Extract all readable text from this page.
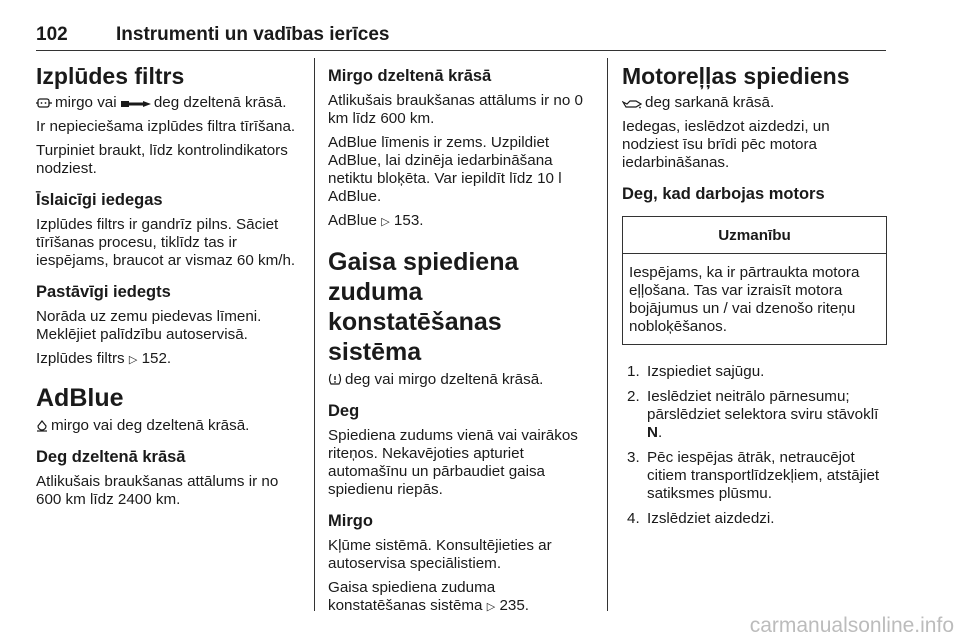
102	Instrumenti un vadības ierīces
Izplūdes filtrs

mirgo vai deg dzeltenā krāsā.

Ir nepieciešama izplūdes filtra tīrīšana.

Turpiniet braukt, līdz kontrolindikators nodziest.

Īslaicīgi iedegas

Izplūdes filtrs ir gandrīz pilns. Sāciet tīrīšanas procesu, tiklīdz tas ir iespējams, braucot ar vismaz 60 km/h.

Pastāvīgi iedegts

Norāda uz zemu piedevas līmeni. Meklējiet palīdzību autoservisā.

Izplūdes filtrs ▷ 152.

AdBlue

mirgo vai deg dzeltenā krāsā.

Deg dzeltenā krāsā

Atlikušais braukšanas attālums ir no 600 km līdz 2400 km.

Mirgo dzeltenā krāsā

Atlikušais braukšanas attālums ir no 0 km līdz 600 km.

AdBlue līmenis ir zems. Uzpildiet AdBlue, lai dzinēja iedarbināšana netiktu bloķēta. Var iepildīt līdz 10 l AdBlue.

AdBlue ▷ 153.

Gaisa spiediena zuduma konstatēšanas sistēma

deg vai mirgo dzeltenā krāsā.

Deg

Spiediena zudums vienā vai vairākos riteņos. Nekavējoties apturiet automašīnu un pārbaudiet gaisa spiedienu riepās.

Mirgo

Kļūme sistēmā. Konsultējieties ar autoservisa speciālistiem.

Gaisa spiediena zuduma konstatēšanas sistēma ▷ 235.

Motoreļļas spiediens

deg sarkanā krāsā.

Iedegas, ieslēdzot aizdedzi, un nodziest īsu brīdi pēc motora iedarbināšanas.

Deg, kad darbojas motors
Uzmanību
Iespējams, ka ir pārtraukta motora eļļošana. Tas var izraisīt motora bojājumus un / vai dzenošo riteņu nobloķēšanos.
1. Izspiediet sajūgu.
2. Ieslēdziet neitrālo pārnesumu; pārslēdziet selektora sviru stāvoklī N.
3. Pēc iespējas ātrāk, netraucējot citiem transportlīdzekļiem, atstājiet satiksmes plūsmu.
4. Izslēdziet aizdedzi.
carmanualsonline.info
